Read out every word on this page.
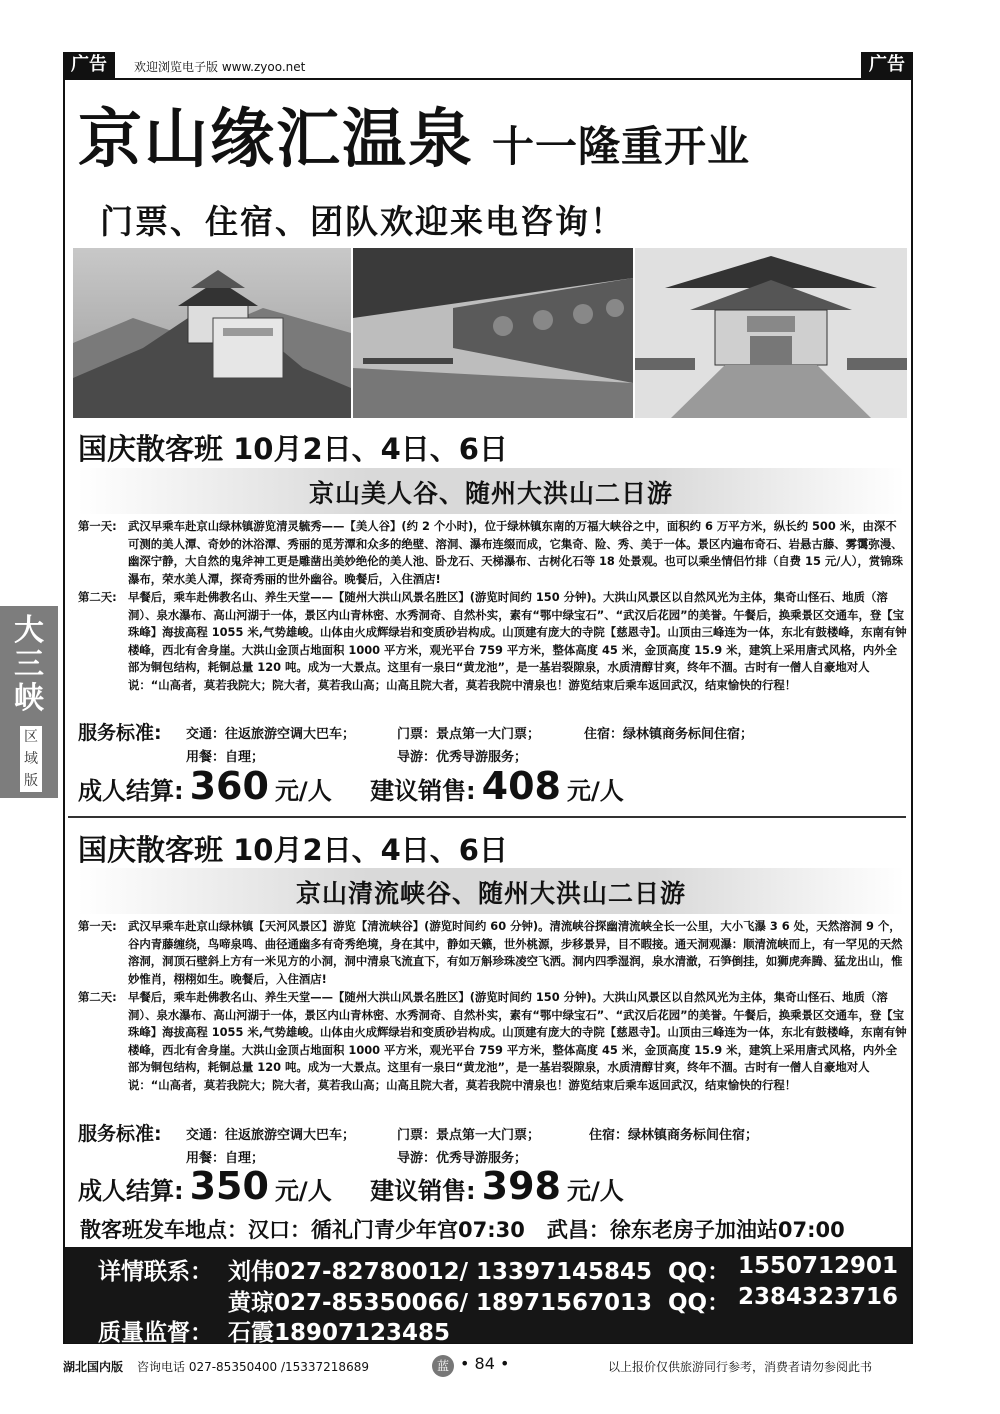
广告	欢迎浏览电子版 www.zyoo.net	广告
京山缘汇温泉 十一隆重开业
门票、住宿、团队欢迎来电咨询！
大三峡
区
域
版
国庆散客班 10月2日、4日、6日
京山美人谷、随州大洪山二日游
第一天: 武汉早乘车赴京山绿林镇游览清灵毓秀——【美人谷】(约 2 个小时)，位于绿林镇东南的万福大峡谷之中，面积约 6 万平方米，纵长约 500 米，由深不可测的美人潭、奇妙的沐浴潭、秀丽的觅芳潭和众多的绝壁、溶洞、瀑布连缀而成，它集奇、险、秀、美于一体。景区内遍布奇石、岩悬古藤、雾霭弥漫、幽深宁静，大自然的鬼斧神工更是雕凿出美妙绝伦的美人池、卧龙石、天梯瀑布、古树化石等 18 处景观。也可以乘坐情侣竹排（自费 15 元/人），赏锦珠瀑布，荣水美人潭，探奇秀丽的世外幽谷。晚餐后，入住酒店!
第二天: 早餐后，乘车赴佛教名山、养生天堂——【随州大洪山风景名胜区】(游览时间约 150 分钟)。大洪山风景区以自然风光为主体，集奇山怪石、地质（溶洞）、泉水瀑布、高山河湖于一体，景区内山青林密、水秀洞奇、自然朴实，素有“鄂中绿宝石”、“武汉后花园”的美誉。午餐后，换乘景区交通车，登【宝珠峰】海拔高程 1055 米,气势雄峻。山体由火成辉绿岩和变质砂岩构成。山顶建有庞大的寺院【慈恩寺】。山顶由三峰连为一体，东北有鼓楼峰，东南有钟楼峰，西北有舍身崖。大洪山金顶占地面积 1000 平方米，观光平台 759 平方米，整体高度 45 米，金顶高度 15.9 米，建筑上采用唐式风格，内外全部为铜包结构，耗铜总量 120 吨。成为一大景点。这里有一泉曰“黄龙池”，是一基岩裂隙泉，水质清醇甘爽，终年不涸。古时有一僧人自豪地对人说：“山高者，莫若我院大；院大者，莫若我山高；山高且院大者，莫若我院中清泉也！游览结束后乘车返回武汉，结束愉快的行程！
服务标准: 交通：往返旅游空调大巴车；	门票：景点第一大门票；	住宿：绿林镇商务标间住宿；
用餐：自理；	导游：优秀导游服务；
成人结算: 360 元/人 建议销售: 408 元/人
国庆散客班 10月2日、4日、6日
京山清流峡谷、随州大洪山二日游
第一天: 武汉早乘车赴京山绿林镇【天河风景区】游览【清流峡谷】(游览时间约 60 分钟)。清流峡谷探幽清流峡全长一公里，大小飞瀑 3 6 处，天然溶洞 9 个，谷内青藤缠绕，鸟啼泉鸣、曲径通幽多有奇秀绝境，身在其中，静如天籁，世外桃源，步移景异，目不暇接。通天洞观瀑：顺清流峡而上，有一罕见的天然溶洞，洞顶石壁斜上方有一米见方的小洞，洞中清泉飞流直下，有如万斛珍珠凌空飞洒。洞内四季湿润，泉水清澈，石笋倒挂，如狮虎奔腾、猛龙出山，惟妙惟肖，栩栩如生。晚餐后，入住酒店!
第二天: 早餐后，乘车赴佛教名山、养生天堂——【随州大洪山风景名胜区】(游览时间约 150 分钟)。大洪山风景区以自然风光为主体，集奇山怪石、地质（溶洞）、泉水瀑布、高山河湖于一体，景区内山青林密、水秀洞奇、自然朴实，素有“鄂中绿宝石”、“武汉后花园”的美誉。午餐后，换乘景区交通车，登【宝珠峰】海拔高程 1055 米,气势雄峻。山体由火成辉绿岩和变质砂岩构成。山顶建有庞大的寺院【慈恩寺】。山顶由三峰连为一体，东北有鼓楼峰，东南有钟楼峰，西北有舍身崖。大洪山金顶占地面积 1000 平方米，观光平台 759 平方米，整体高度 45 米，金顶高度 15.9 米，建筑上采用唐式风格，内外全部为铜包结构，耗铜总量 120 吨。成为一大景点。这里有一泉曰“黄龙池”，是一基岩裂隙泉，水质清醇甘爽，终年不涸。古时有一僧人自豪地对人说：“山高者，莫若我院大；院大者，莫若我山高；山高且院大者，莫若我院中清泉也！游览结束后乘车返回武汉，结束愉快的行程！
服务标准: 交通：往返旅游空调大巴车；	门票：景点第一大门票；	住宿：绿林镇商务标间住宿；
用餐：自理；	导游：优秀导游服务；
成人结算: 350 元/人 建议销售: 398 元/人
散客班发车地点：汉口：循礼门青少年宫07:30 武昌：徐东老房子加油站07:00
详情联系： 刘伟027-82780012/ 13397145845 QQ： 1550712901
黄琼027-85350066/ 18971567013 QQ： 2384323716
质量监督： 石霞18907123485
湖北国内版 咨询电话 027-85350400 /15337218689	蓝 • 84 •	以上报价仅供旅游同行参考，消费者请勿参阅此书
